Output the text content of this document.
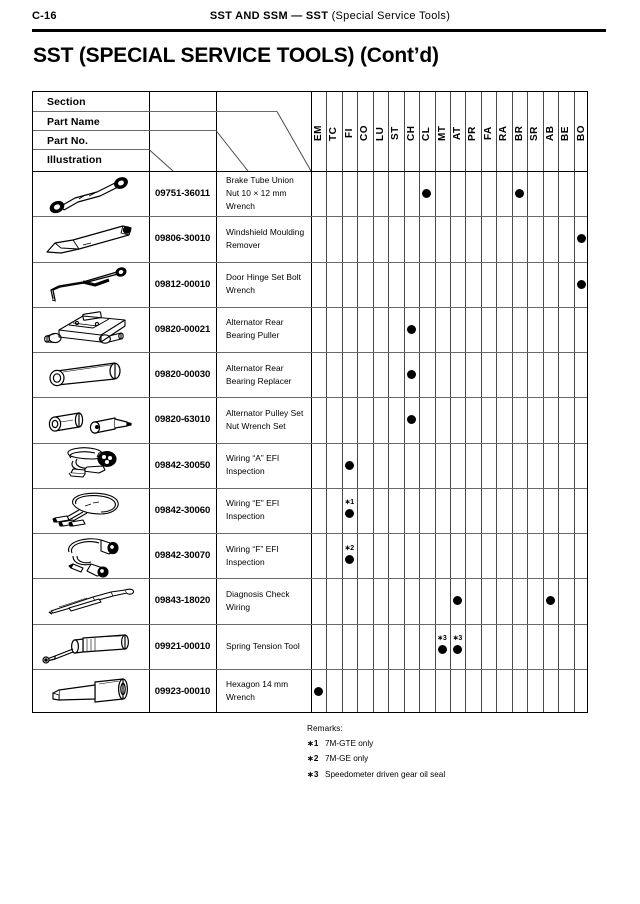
C-16	SST AND SSM — SST (Special Service Tools)
SST (SPECIAL SERVICE TOOLS) (Cont’d)
Section
Part Name
Part No.
Illustration
EM TC FI CO LU ST CH CL MT AT PR FA RA BR SR AB BE BO
09751-36011
Brake Tube Union Nut 10 × 12 mm Wrench
09806-30010
Windshield Moulding Remover
09812-00010
Door Hinge Set Bolt Wrench
09820-00021
Alternator Rear Bearing Puller
09820-00030
Alternator Rear Bearing Replacer
09820-63010
Alternator Pulley Set Nut Wrench Set
09842-30050
Wiring “A” EFI Inspection
09842-30060
Wiring “E” EFI Inspection
∗1
09842-30070
Wiring “F” EFI Inspection
∗2
09843-18020
Diagnosis Check Wiring
09921-00010	Spring Tension Tool
∗3 ∗3
09923-00010
Hexagon 14 mm Wrench
Remarks:
∗1 7M-GTE only
∗2 7M-GE only
∗3 Speedometer driven gear oil seal
